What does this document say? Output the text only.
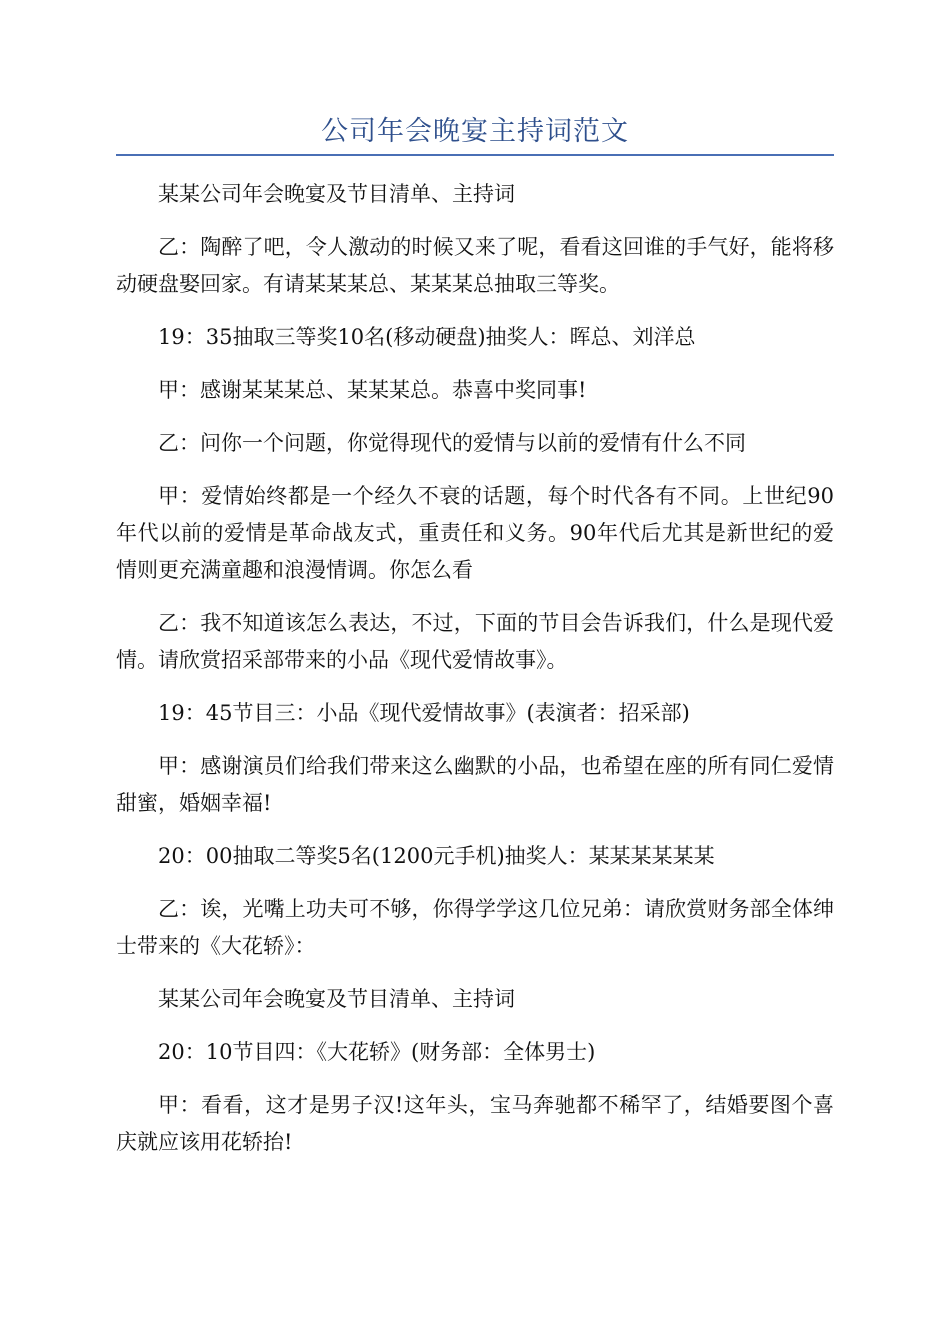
公司年会晚宴主持词范文

某某公司年会晚宴及节目清单、主持词

乙：陶醉了吧，令人激动的时候又来了呢，看看这回谁的手气好，能将移动硬盘娶回家。有请某某某总、某某某总抽取三等奖。

19：35抽取三等奖10名(移动硬盘)抽奖人：晖总、刘洋总

甲：感谢某某某总、某某某总。恭喜中奖同事!

乙：问你一个问题，你觉得现代的爱情与以前的爱情有什么不同

甲：爱情始终都是一个经久不衰的话题，每个时代各有不同。上世纪90年代以前的爱情是革命战友式，重责任和义务。90年代后尤其是新世纪的爱情则更充满童趣和浪漫情调。你怎么看

乙：我不知道该怎么表达，不过，下面的节目会告诉我们，什么是现代爱情。请欣赏招采部带来的小品《现代爱情故事》。

19：45节目三：小品《现代爱情故事》(表演者：招采部)

甲：感谢演员们给我们带来这么幽默的小品，也希望在座的所有同仁爱情甜蜜，婚姻幸福!

20：00抽取二等奖5名(1200元手机)抽奖人：某某某某某某

乙：诶，光嘴上功夫可不够，你得学学这几位兄弟：请欣赏财务部全体绅士带来的《大花轿》：

某某公司年会晚宴及节目清单、主持词

20：10节目四：《大花轿》(财务部：全体男士)

甲：看看，这才是男子汉!这年头，宝马奔驰都不稀罕了，结婚要图个喜庆就应该用花轿抬!
